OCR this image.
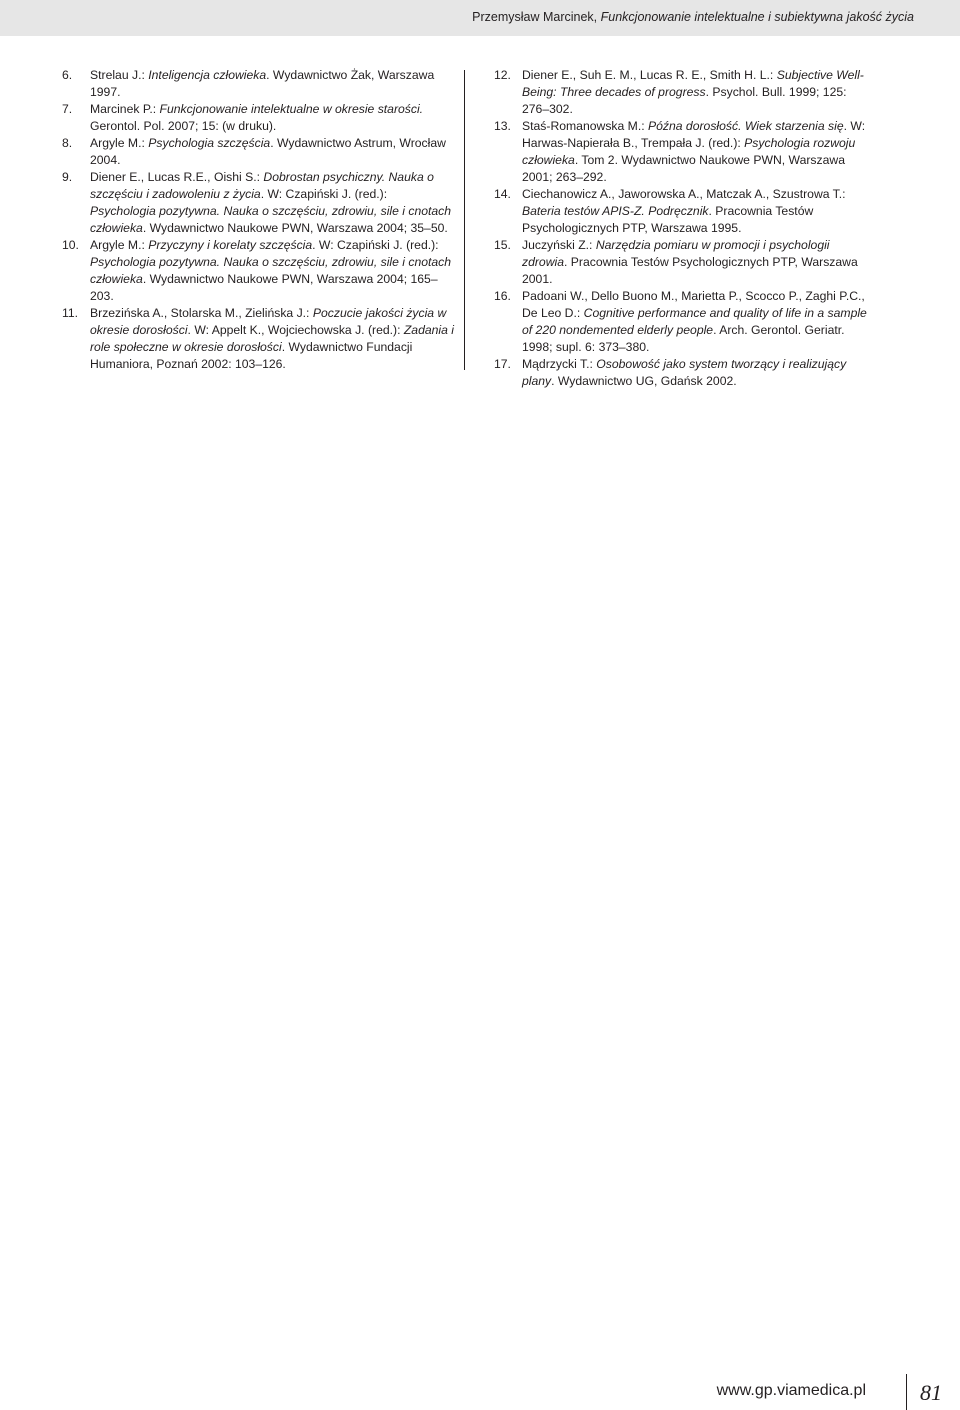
Przemysław Marcinek, Funkcjonowanie intelektualne i subiektywna jakość życia

6. Strelau J.: Inteligencja człowieka. Wydawnictwo Żak, Warszawa 1997.

7. Marcinek P.: Funkcjonowanie intelektualne w okresie starości. Gerontol. Pol. 2007; 15: (w druku).

8. Argyle M.: Psychologia szczęścia. Wydawnictwo Astrum, Wrocław 2004.

9. Diener E., Lucas R.E., Oishi S.: Dobrostan psychiczny. Nauka o szczęściu i zadowoleniu z życia. W: Czapiński J. (red.): Psychologia pozytywna. Nauka o szczęściu, zdrowiu, sile i cnotach człowieka. Wydawnictwo Naukowe PWN, Warszawa 2004; 35–50.

10. Argyle M.: Przyczyny i korelaty szczęścia. W: Czapiński J. (red.): Psychologia pozytywna. Nauka o szczęściu, zdrowiu, sile i cnotach człowieka. Wydawnictwo Naukowe PWN, Warszawa 2004; 165–203.

11. Brzezińska A., Stolarska M., Zielińska J.: Poczucie jakości życia w okresie dorosłości. W: Appelt K., Wojciechowska J. (red.): Zadania i role społeczne w okresie dorosłości. Wydawnictwo Fundacji Humaniora, Poznań 2002: 103–126.

12. Diener E., Suh E. M., Lucas R. E., Smith H. L.: Subjective Well-Being: Three decades of progress. Psychol. Bull. 1999; 125: 276–302.

13. Staś-Romanowska M.: Późna dorosłość. Wiek starzenia się. W: Harwas-Napierała B., Trempała J. (red.): Psychologia rozwoju człowieka. Tom 2. Wydawnictwo Naukowe PWN, Warszawa 2001; 263–292.

14. Ciechanowicz A., Jaworowska A., Matczak A., Szustrowa T.: Bateria testów APIS-Z. Podręcznik. Pracownia Testów Psychologicznych PTP, Warszawa 1995.

15. Juczyński Z.: Narzędzia pomiaru w promocji i psychologii zdrowia. Pracownia Testów Psychologicznych PTP, Warszawa 2001.

16. Padoani W., Dello Buono M., Marietta P., Scocco P., Zaghi P.C., De Leo D.: Cognitive performance and quality of life in a sample of 220 nondemented elderly people. Arch. Gerontol. Geriatr. 1998; supl. 6: 373–380.

17. Mądrzycki T.: Osobowość jako system tworzący i realizujący plany. Wydawnictwo UG, Gdańsk 2002.

www.gp.viamedica.pl 81
